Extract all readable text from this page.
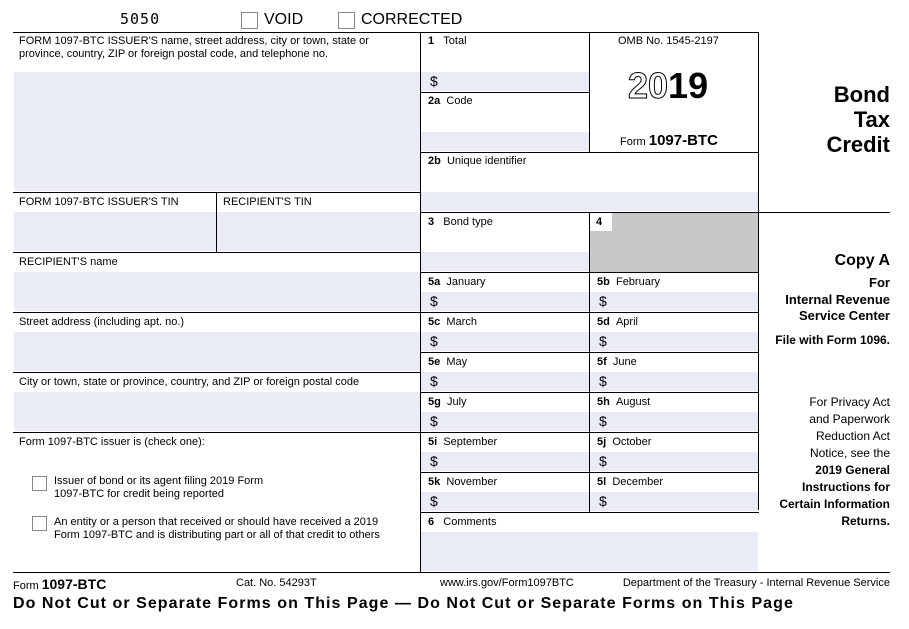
5050	VOID	CORRECTED
FORM 1097-BTC ISSUER'S name, street address, city or town, state or province, country, ZIP or foreign postal code, and telephone no.
FORM 1097-BTC ISSUER'S TIN	RECIPIENT'S TIN
RECIPIENT'S name
Street address (including apt. no.)
City or town, state or province, country, and ZIP or foreign postal code
Form 1097-BTC issuer is (check one):
Issuer of bond or its agent filing 2019 Form 1097-BTC for credit being reported
An entity or a person that received or should have received a 2019 Form 1097-BTC and is distributing part or all of that credit to others
1 Total
$
2a Code
OMB No. 1545-2197
2019
Form 1097-BTC
2b Unique identifier
3 Bond type	4
5a January
$
5b February
$
5c March
$
5d April
$
5e May
$
5f June
$
5g July
$
5h August
$
5i September
$
5j October
$
5k November
$
5l December
$
6 Comments
Bond
Tax
Credit
Copy A
For
Internal Revenue
Service Center
File with Form 1096.
For Privacy Act
and Paperwork
Reduction Act
Notice, see the
2019 General
Instructions for
Certain Information
Returns.
Form 1097-BTC	Cat. No. 54293T	www.irs.gov/Form1097BTC	Department of the Treasury - Internal Revenue Service
Do Not Cut or Separate Forms on This Page — Do Not Cut or Separate Forms on This Page
